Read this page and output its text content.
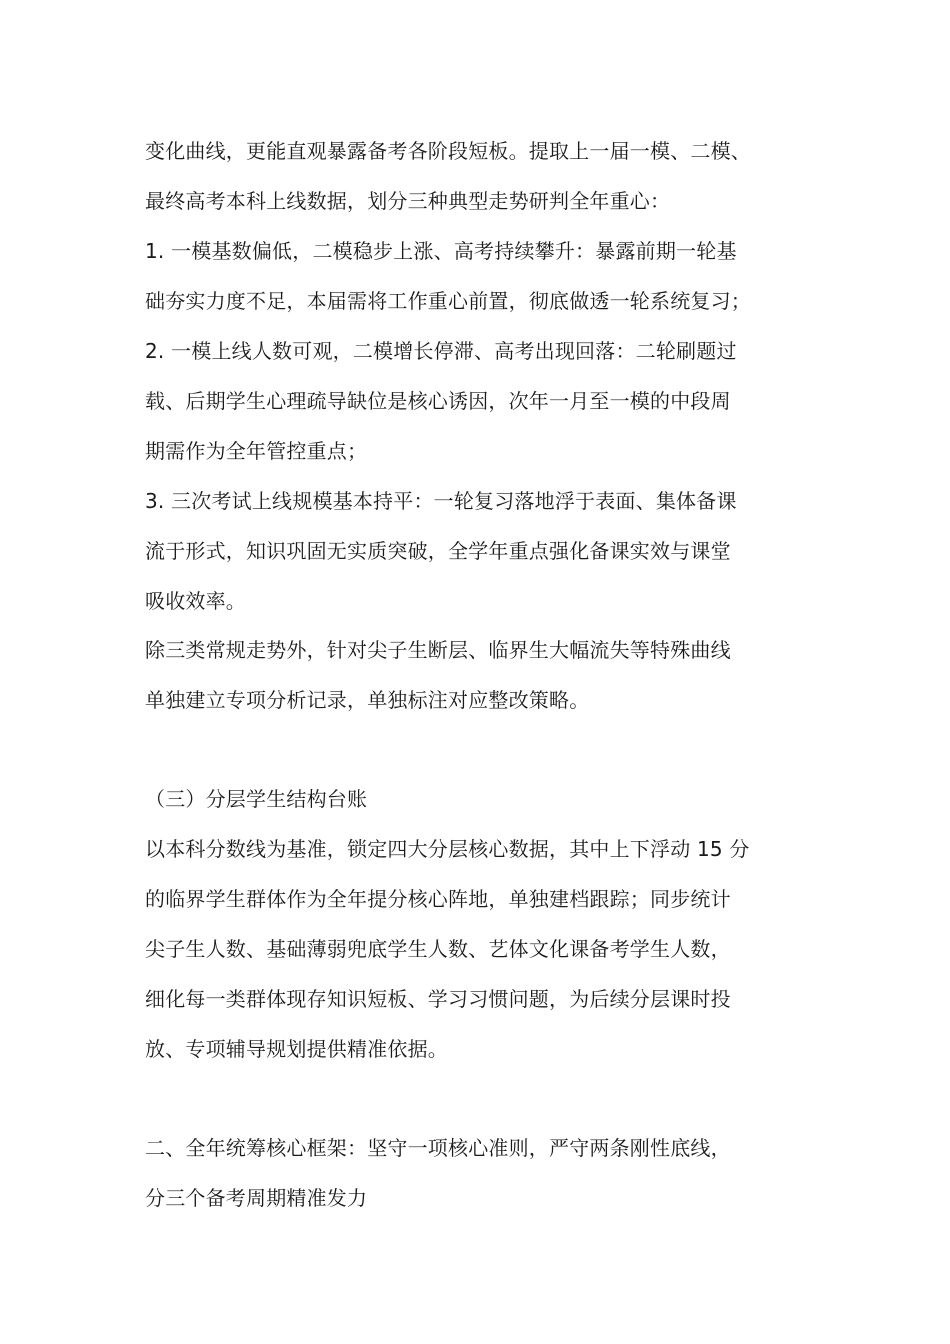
变化曲线，更能直观暴露备考各阶段短板。提取上一届一模、二模、
最终高考本科上线数据，划分三种典型走势研判全年重心：
1. 一模基数偏低，二模稳步上涨、高考持续攀升：暴露前期一轮基
础夯实力度不足，本届需将工作重心前置，彻底做透一轮系统复习；
2. 一模上线人数可观，二模增长停滞、高考出现回落：二轮刷题过
载、后期学生心理疏导缺位是核心诱因，次年一月至一模的中段周
期需作为全年管控重点；
3. 三次考试上线规模基本持平：一轮复习落地浮于表面、集体备课
流于形式，知识巩固无实质突破，全学年重点强化备课实效与课堂
吸收效率。
除三类常规走势外，针对尖子生断层、临界生大幅流失等特殊曲线
单独建立专项分析记录，单独标注对应整改策略。
（三）分层学生结构台账
以本科分数线为基准，锁定四大分层核心数据，其中上下浮动 15 分
的临界学生群体作为全年提分核心阵地，单独建档跟踪；同步统计
尖子生人数、基础薄弱兜底学生人数、艺体文化课备考学生人数，
细化每一类群体现存知识短板、学习习惯问题，为后续分层课时投
放、专项辅导规划提供精准依据。
二、全年统筹核心框架：坚守一项核心准则，严守两条刚性底线，
分三个备考周期精准发力
